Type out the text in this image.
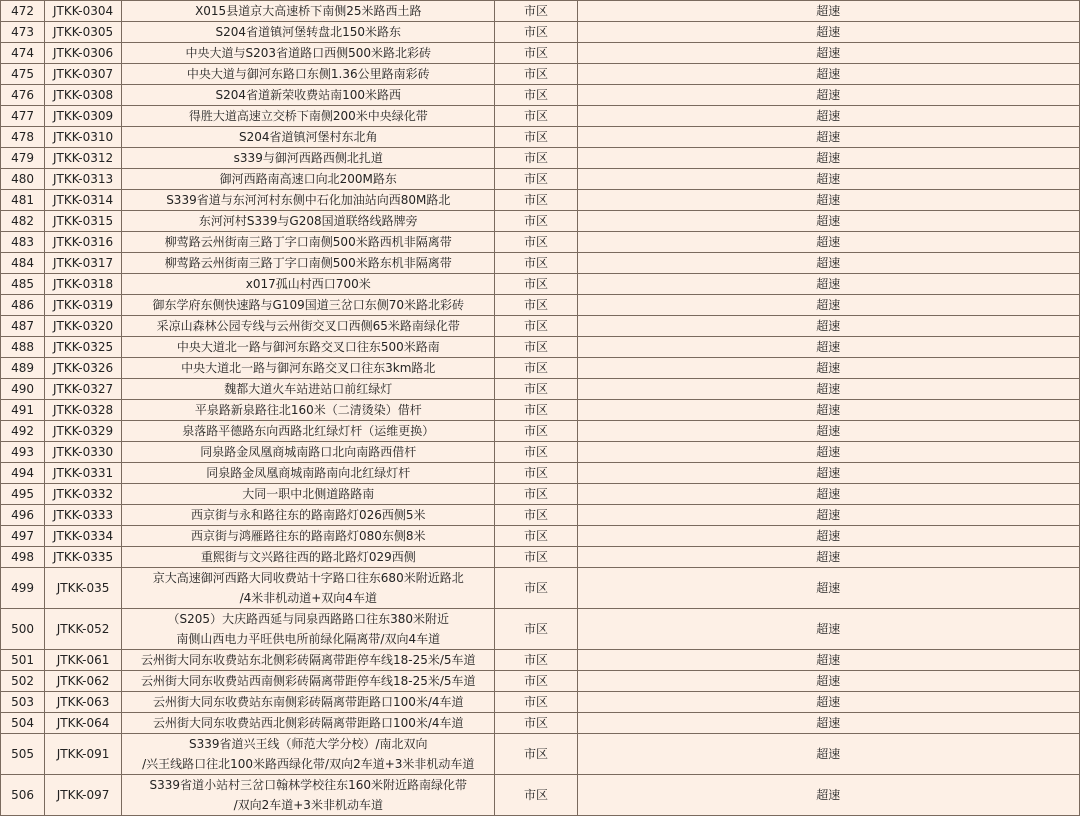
472	JTKK-0304	X015县道京大高速桥下南侧25米路西土路	市区	超速
473	JTKK-0305	S204省道镇河堡转盘北150米路东	市区	超速
474	JTKK-0306	中央大道与S203省道路口西侧500米路北彩砖	市区	超速
475	JTKK-0307	中央大道与御河东路口东侧1.36公里路南彩砖	市区	超速
476	JTKK-0308	S204省道新荣收费站南100米路西	市区	超速
477	JTKK-0309	得胜大道高速立交桥下南侧200米中央绿化带	市区	超速
478	JTKK-0310	S204省道镇河堡村东北角	市区	超速
479	JTKK-0312	s339与御河西路西侧北扎道	市区	超速
480	JTKK-0313	御河西路南高速口向北200M路东	市区	超速
481	JTKK-0314	S339省道与东河河村东侧中石化加油站向西80M路北	市区	超速
482	JTKK-0315	东河河村S339与G208国道联络线路牌旁	市区	超速
483	JTKK-0316	柳莺路云州街南三路丁字口南侧500米路西机非隔离带	市区	超速
484	JTKK-0317	柳莺路云州街南三路丁字口南侧500米路东机非隔离带	市区	超速
485	JTKK-0318	x017孤山村西口700米	市区	超速
486	JTKK-0319	御东学府东侧快速路与G109国道三岔口东侧70米路北彩砖	市区	超速
487	JTKK-0320	采凉山森林公园专线与云州街交叉口西侧65米路南绿化带	市区	超速
488	JTKK-0325	中央大道北一路与御河东路交叉口往东500米路南	市区	超速
489	JTKK-0326	中央大道北一路与御河东路交叉口往东3km路北	市区	超速
490	JTKK-0327	魏都大道火车站进站口前红绿灯	市区	超速
491	JTKK-0328	平泉路新泉路往北160米（二清烫染）借杆	市区	超速
492	JTKK-0329	泉落路平德路东向西路北红绿灯杆（运维更换）	市区	超速
493	JTKK-0330	同泉路金凤凰商城南路口北向南路西借杆	市区	超速
494	JTKK-0331	同泉路金凤凰商城南路南向北红绿灯杆	市区	超速
495	JTKK-0332	大同一职中北侧道路路南	市区	超速
496	JTKK-0333	西京街与永和路往东的路南路灯026西侧5米	市区	超速
497	JTKK-0334	西京街与鸿雁路往东的路南路灯080东侧8米	市区	超速
498	JTKK-0335	重熙街与文兴路往西的路北路灯029西侧	市区	超速
499	JTKK-035	京大高速御河西路大同收费站十字路口往东680米附近路北
/4米非机动道+双向4车道	市区	超速
500	JTKK-052	（S205）大庆路西延与同泉西路路口往东380米附近
南侧山西电力平旺供电所前绿化隔离带/双向4车道	市区	超速
501	JTKK-061	云州街大同东收费站东北侧彩砖隔离带距停车线18-25米/5车道	市区	超速
502	JTKK-062	云州街大同东收费站西南侧彩砖隔离带距停车线18-25米/5车道	市区	超速
503	JTKK-063	云州街大同东收费站东南侧彩砖隔离带距路口100米/4车道	市区	超速
504	JTKK-064	云州街大同东收费站西北侧彩砖隔离带距路口100米/4车道	市区	超速
505	JTKK-091	S339省道兴王线（师范大学分校）/南北双向
/兴王线路口往北100米路西绿化带/双向2车道+3米非机动车道	市区	超速
506	JTKK-097	S339省道小站村三岔口翰林学校往东160米附近路南绿化带
/双向2车道+3米非机动车道	市区	超速
